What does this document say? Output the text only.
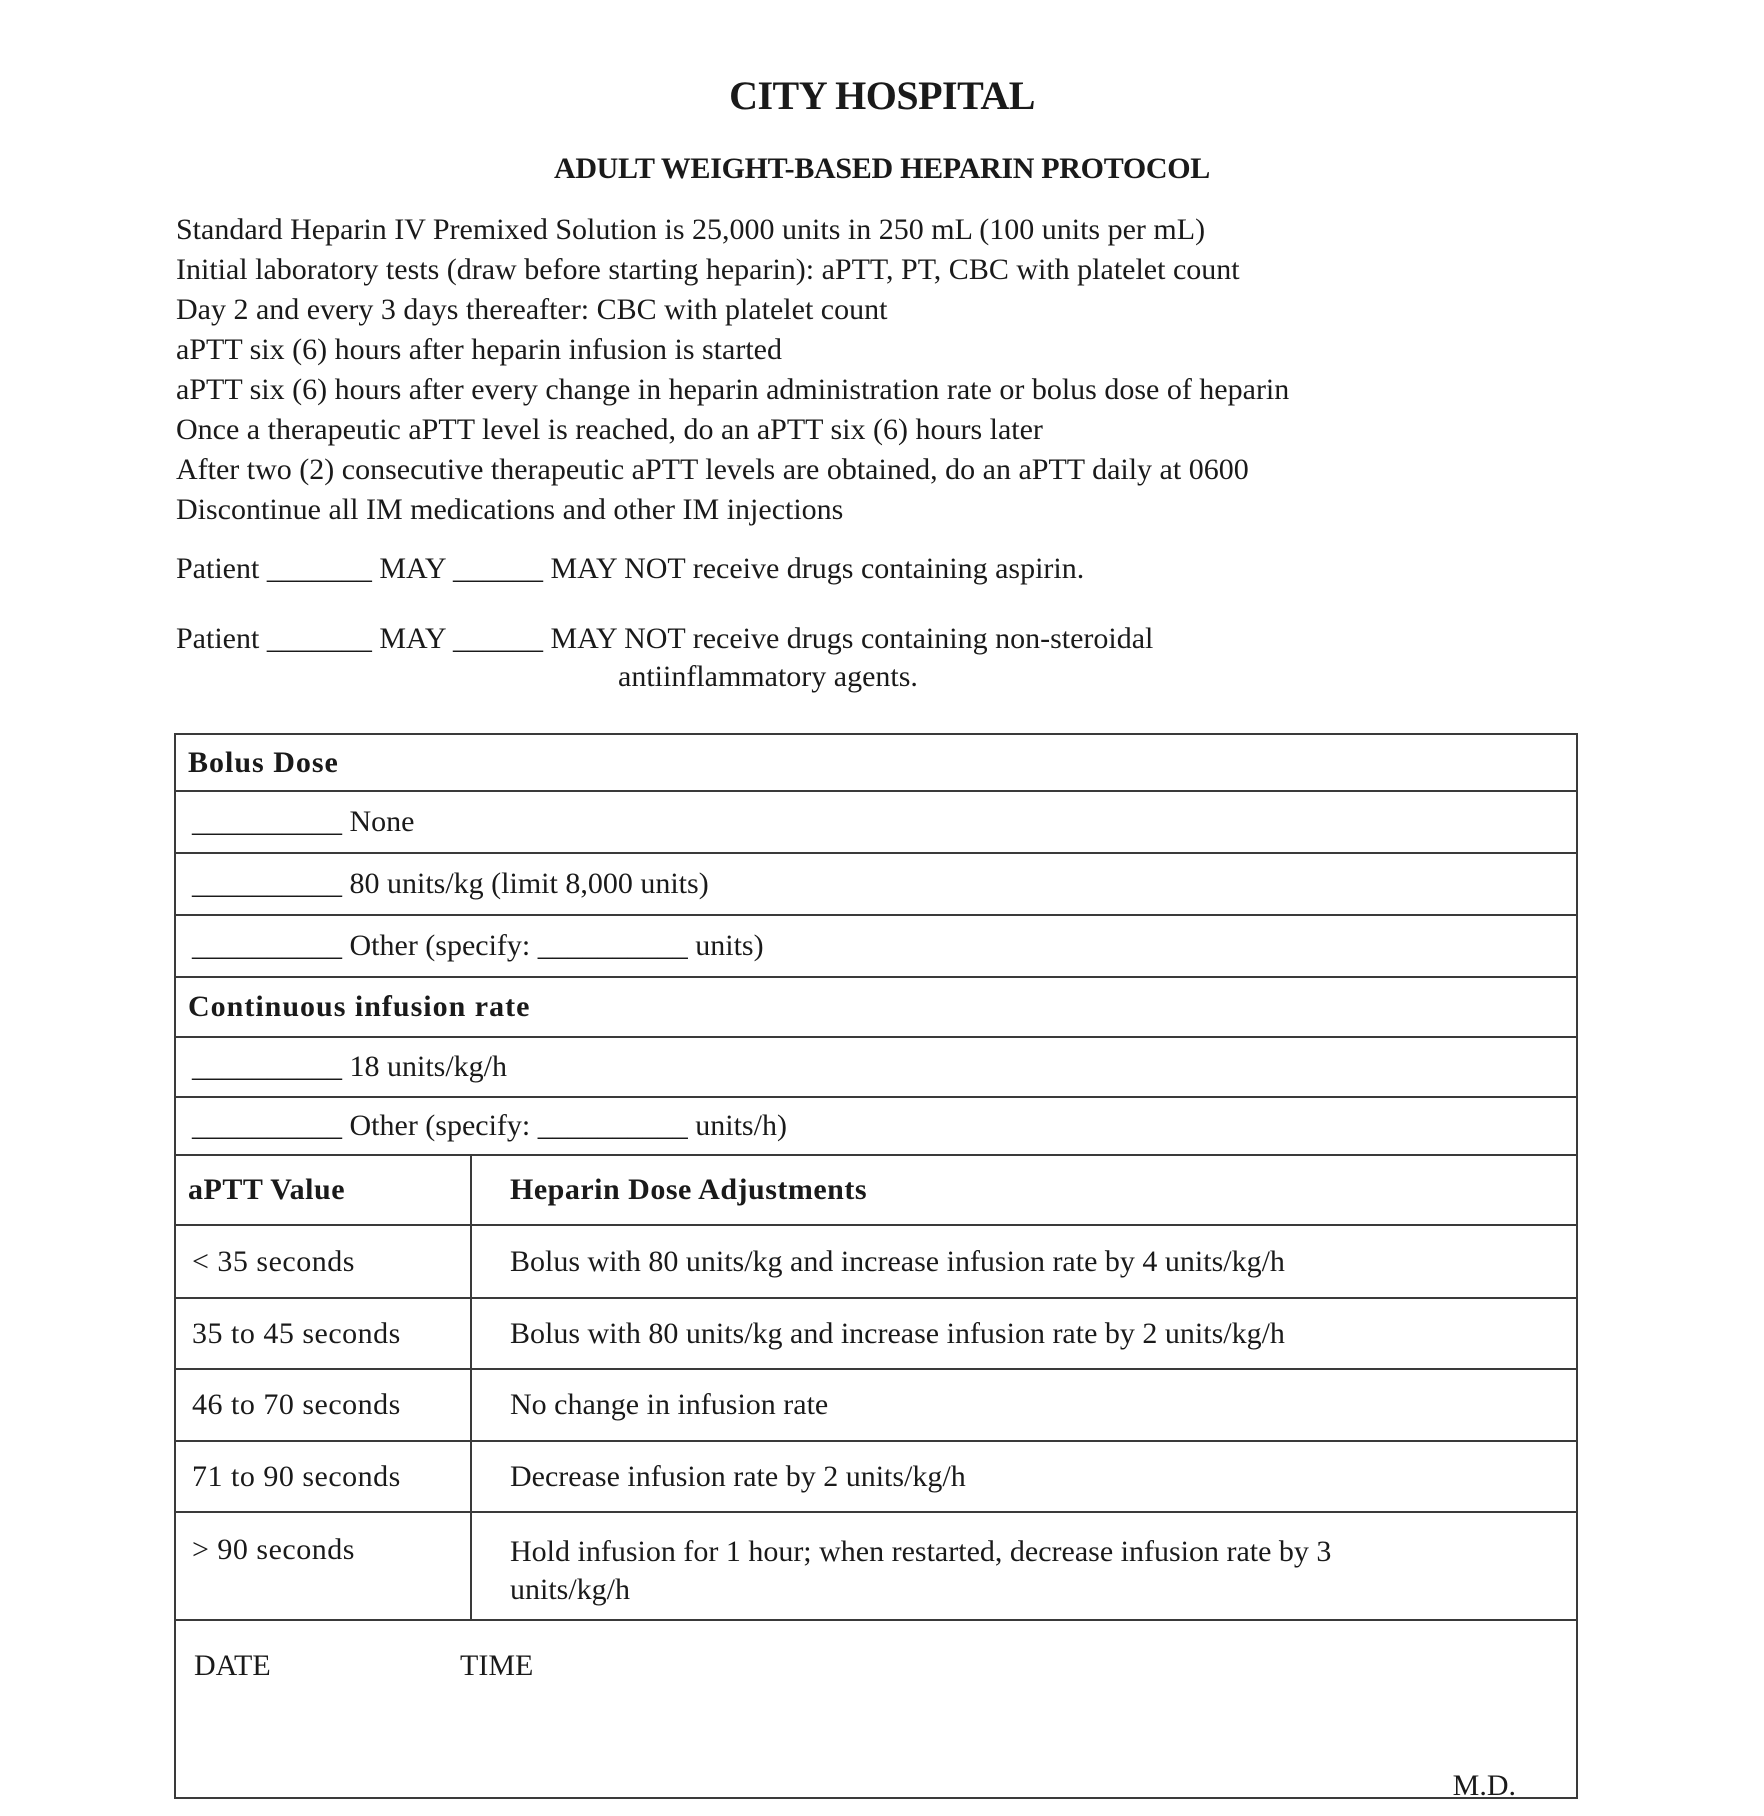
CITY HOSPITAL
ADULT WEIGHT-BASED HEPARIN PROTOCOL
Standard Heparin IV Premixed Solution is 25,000 units in 250 mL (100 units per mL)
Initial laboratory tests (draw before starting heparin): aPTT, PT, CBC with platelet count
Day 2 and every 3 days thereafter: CBC with platelet count
aPTT six (6) hours after heparin infusion is started
aPTT six (6) hours after every change in heparin administration rate or bolus dose of heparin
Once a therapeutic aPTT level is reached, do an aPTT six (6) hours later
After two (2) consecutive therapeutic aPTT levels are obtained, do an aPTT daily at 0600
Discontinue all IM medications and other IM injections
Patient _______ MAY ______ MAY NOT receive drugs containing aspirin.
Patient _______ MAY ______ MAY NOT receive drugs containing non-steroidal
antiinflammatory agents.
Bolus Dose
__________ None
__________ 80 units/kg (limit 8,000 units)
__________ Other (specify: __________ units)
Continuous infusion rate
__________ 18 units/kg/h
__________ Other (specify: __________ units/h)
aPTT Value	Heparin Dose Adjustments
< 35 seconds	Bolus with 80 units/kg and increase infusion rate by 4 units/kg/h
35 to 45 seconds	Bolus with 80 units/kg and increase infusion rate by 2 units/kg/h
46 to 70 seconds	No change in infusion rate
71 to 90 seconds	Decrease infusion rate by 2 units/kg/h
> 90 seconds	Hold infusion for 1 hour; when restarted, decrease infusion rate by 3 units/kg/h
DATE	TIME
M.D.
